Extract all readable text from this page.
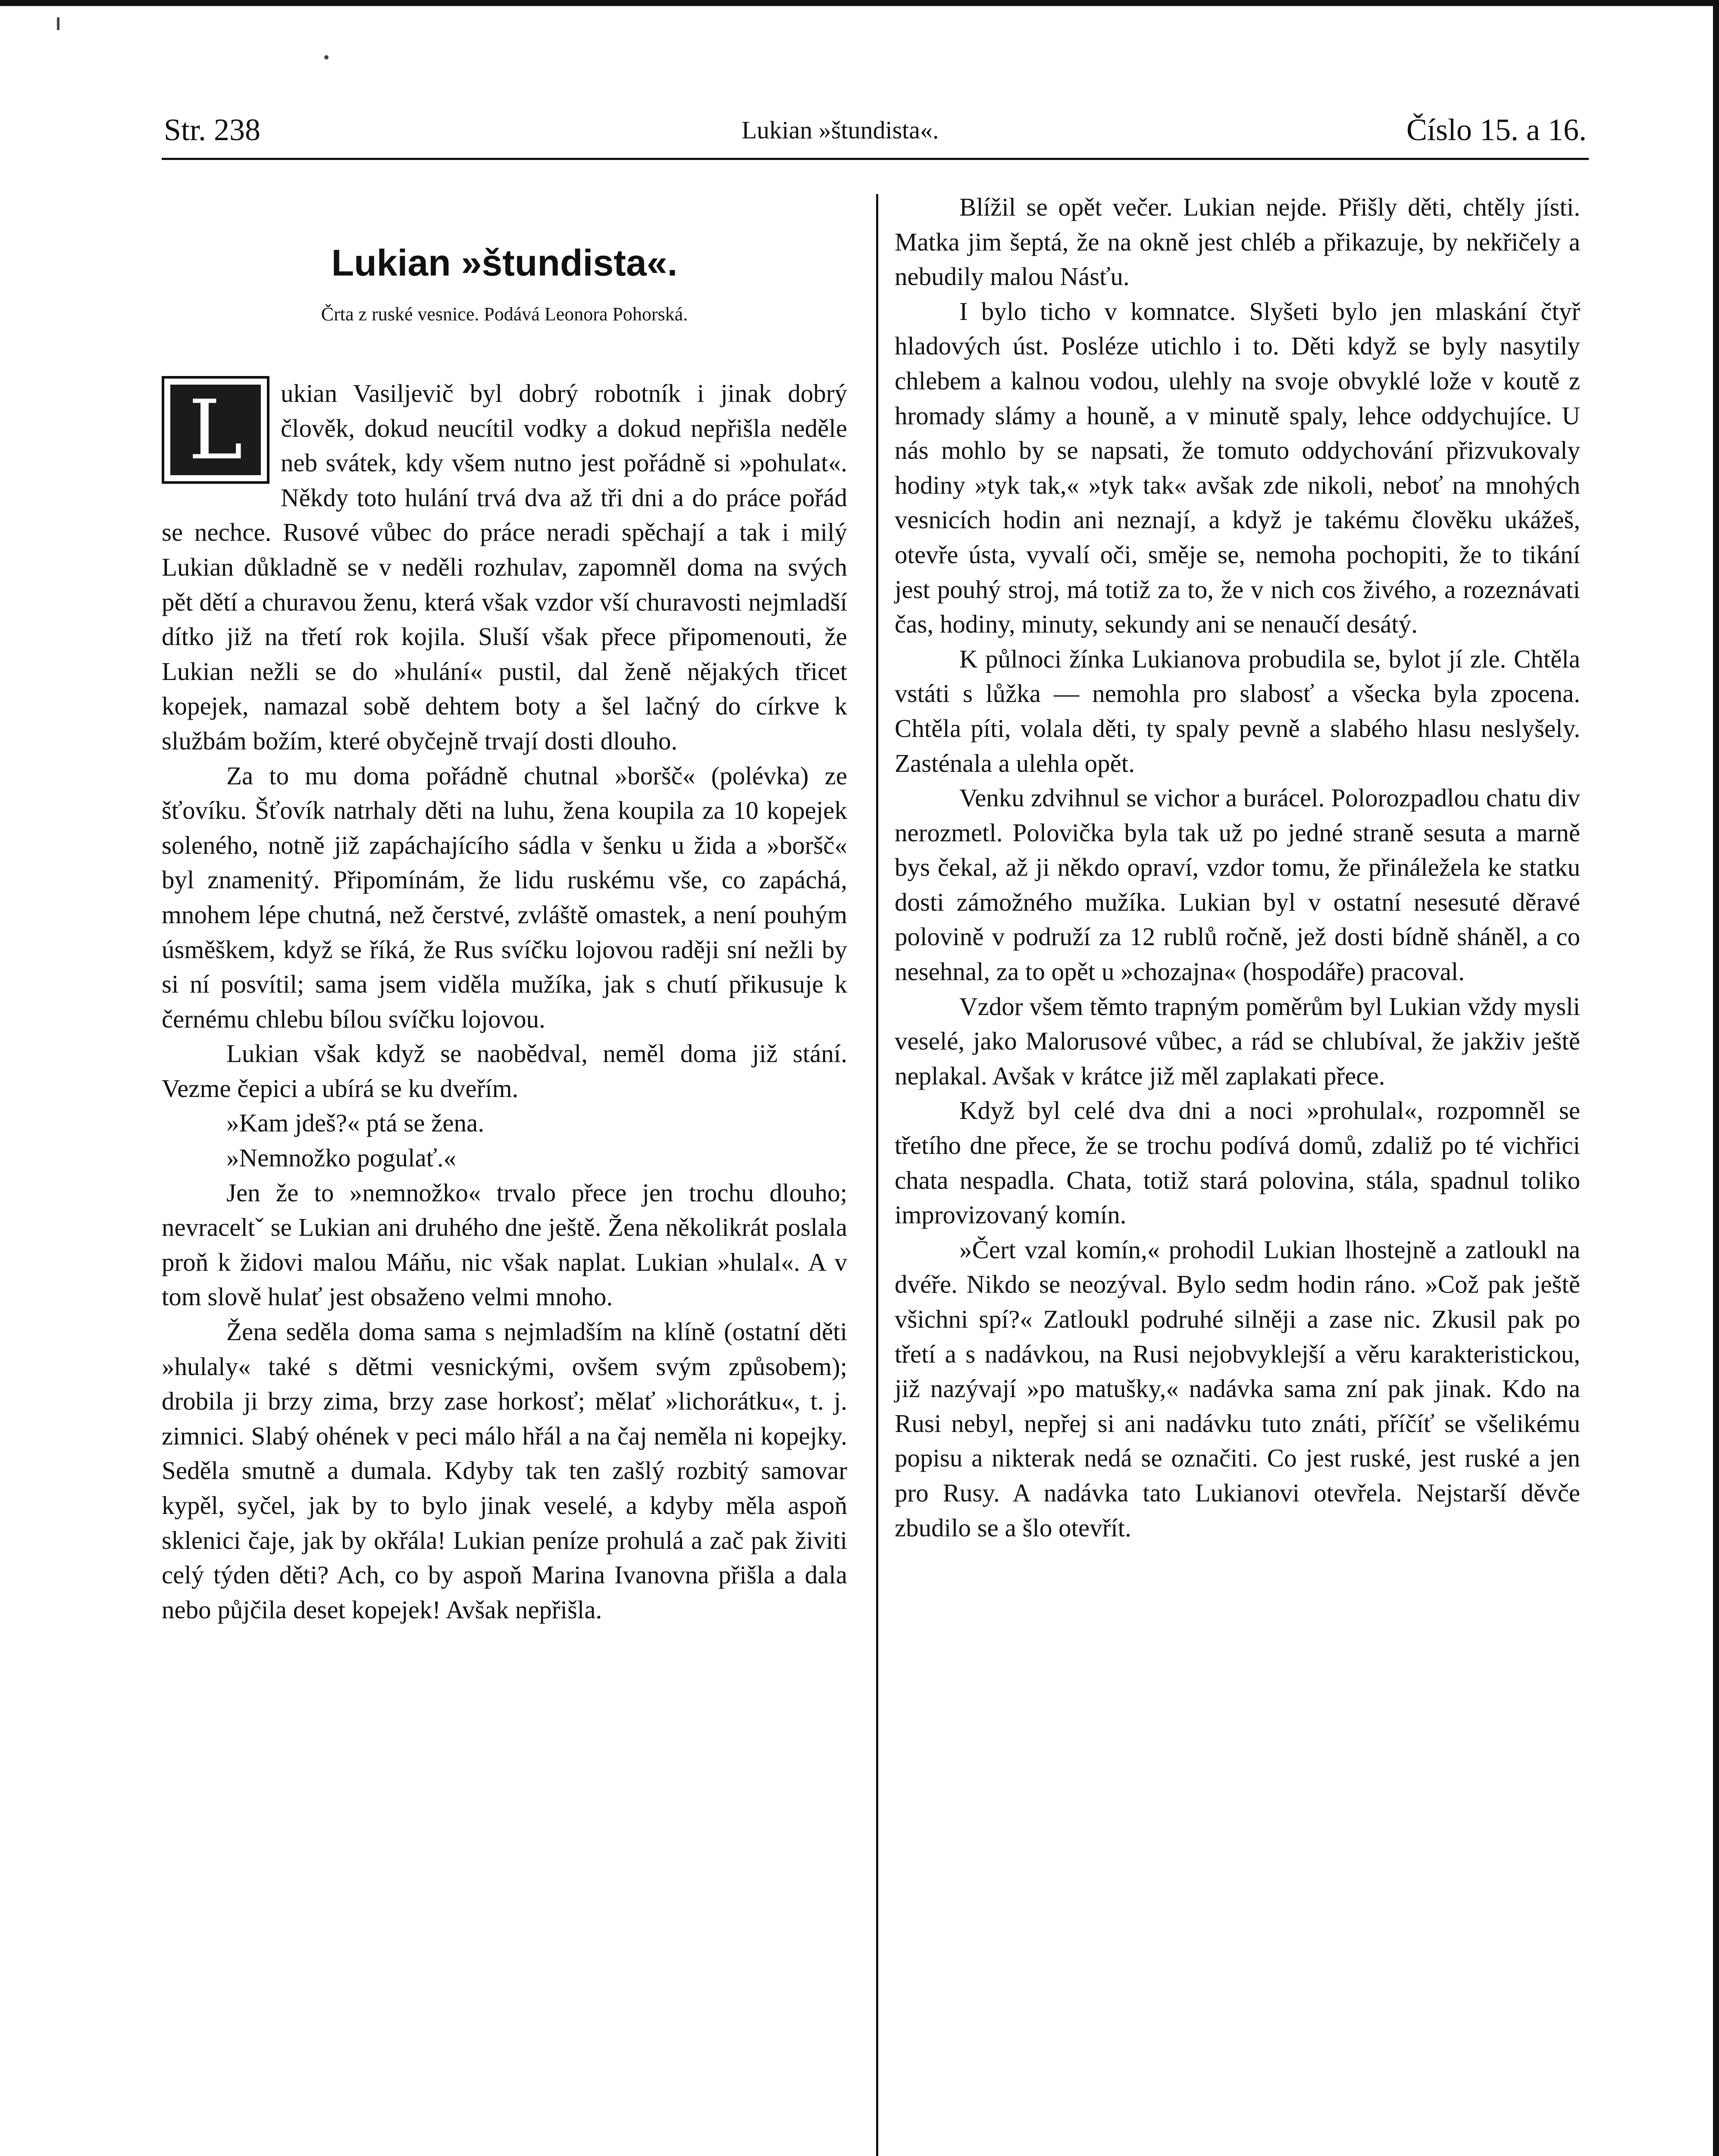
Str. 238	Lukian »štundista«.	Číslo 15. a 16.
Lukian »štundista«.
Črta z ruské vesnice. Podává Leonora Pohorská.
L	ukian Vasiljevič byl dobrý robotník i jinak dobrý člověk, dokud neucítil vodky a dokud nepřišla neděle neb svátek, kdy všem nutno jest pořádně si »pohulat«. Někdy toto hulání trvá dva až tři dni a do práce pořád se nechce. Rusové vůbec do práce neradi spěchají a tak i milý Lukian důkladně se v neděli rozhulav, zapomněl doma na svých pět dětí a churavou ženu, která však vzdor vší churavosti nejmladší dítko již na třetí rok kojila. Sluší však přece připomenouti, že Lukian nežli se do »hulání« pustil, dal ženě nějakých třicet kopejek, namazal sobě dehtem boty a šel lačný do církve k službám božím, které obyčejně trvají dosti dlouho.

Za to mu doma pořádně chutnal »boršč« (polévka) ze šťovíku. Šťovík natrhaly děti na luhu, žena koupila za 10 kopejek soleného, notně již zapáchajícího sádla v šenku u žida a »boršč« byl znamenitý. Připomínám, že lidu ruskému vše, co zapáchá, mnohem lépe chutná, než čerstvé, zvláště omastek, a není pouhým úsměškem, když se říká, že Rus svíčku lojovou raději sní nežli by si ní posvítil; sama jsem viděla mužíka, jak s chutí přikusuje k černému chlebu bílou svíčku lojovou.

Lukian však když se naobědval, neměl doma již stání. Vezme čepici a ubírá se ku dveřím.

»Kam jdeš?« ptá se žena.

»Nemnožko pogulať.«

Jen že to »nemnožko« trvalo přece jen trochu dlouho; nevraceltˇ se Lukian ani druhého dne ještě. Žena několikrát poslala proň k židovi malou Máňu, nic však naplat. Lukian »hulal«. A v tom slově hulať jest obsaženo velmi mnoho.

Žena seděla doma sama s nejmladším na klíně (ostatní děti »hulaly« také s dětmi vesnickými, ovšem svým způsobem); drobila ji brzy zima, brzy zase horkosť; mělať »lichorátku«, t. j. zimnici. Slabý ohének v peci málo hřál a na čaj neměla ni kopejky. Seděla smutně a dumala. Kdyby tak ten zašlý rozbitý samovar kypěl, syčel, jak by to bylo jinak veselé, a kdyby měla aspoň sklenici čaje, jak by okřála! Lukian peníze prohulá a zač pak živiti celý týden děti? Ach, co by aspoň Marina Ivanovna přišla a dala nebo půjčila deset kopejek! Avšak nepřišla.

Blížil se opět večer. Lukian nejde. Přišly děti, chtěly jísti. Matka jim šeptá, že na okně jest chléb a přikazuje, by nekřičely a nebudily malou Násťu.

I bylo ticho v komnatce. Slyšeti bylo jen mlaskání čtyř hladových úst. Posléze utichlo i to. Děti když se byly nasytily chlebem a kalnou vodou, ulehly na svoje obvyklé lože v koutě z hromady slámy a houně, a v minutě spaly, lehce oddychujíce. U nás mohlo by se napsati, že tomuto oddychování přizvukovaly hodiny »tyk tak,« »tyk tak« avšak zde nikoli, neboť na mnohých vesnicích hodin ani neznají, a když je takému člověku ukážeš, otevře ústa, vyvalí oči, směje se, nemoha pochopiti, že to tikání jest pouhý stroj, má totiž za to, že v nich cos živého, a rozeznávati čas, hodiny, minuty, sekundy ani se nenaučí desátý.

K půlnoci žínka Lukianova probudila se, bylot jí zle. Chtěla vstáti s lůžka — nemohla pro slabosť a všecka byla zpocena. Chtěla píti, volala děti, ty spaly pevně a slabého hlasu neslyšely. Zasténala a ulehla opět.

Venku zdvihnul se vichor a burácel. Polorozpadlou chatu div nerozmetl. Polovička byla tak už po jedné straně sesuta a marně bys čekal, až ji někdo opraví, vzdor tomu, že přináležela ke statku dosti zámožného mužíka. Lukian byl v ostatní nesesuté děravé polovině v podruží za 12 rublů ročně, jež dosti bídně sháněl, a co nesehnal, za to opět u »chozajna« (hospodáře) pracoval.

Vzdor všem těmto trapným poměrům byl Lukian vždy mysli veselé, jako Malorusové vůbec, a rád se chlubíval, že jakživ ještě neplakal. Avšak v krátce již měl zaplakati přece.

Když byl celé dva dni a noci »prohulal«, rozpomněl se třetího dne přece, že se trochu podívá domů, zdaliž po té vichřici chata nespadla. Chata, totiž stará polovina, stála, spadnul toliko improvizovaný komín.

»Čert vzal komín,« prohodil Lukian lhostejně a zatloukl na dvéře. Nikdo se neozýval. Bylo sedm hodin ráno. »Což pak ještě všichni spí?« Zatloukl podruhé silněji a zase nic. Zkusil pak po třetí a s nadávkou, na Rusi nejobvyklejší a věru karakteristickou, již nazývají »po matušky,« nadávka sama zní pak jinak. Kdo na Rusi nebyl, nepřej si ani nadávku tuto znáti, příčíť se všelikému popisu a nikterak nedá se označiti. Co jest ruské, jest ruské a jen pro Rusy. A nadávka tato Lukianovi otevřela. Nejstarší děvče zbudilo se a šlo otevřít.
